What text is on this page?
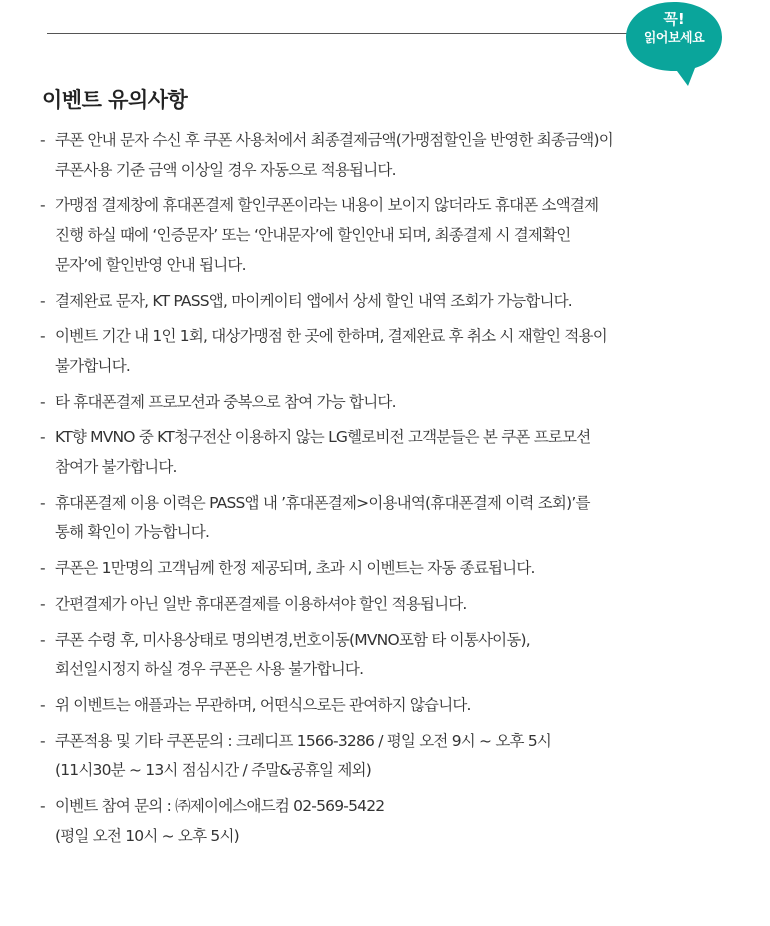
꼭!
읽어보세요
이벤트 유의사항
- 쿠폰 안내 문자 수신 후 쿠폰 사용처에서 최종결제금액(가맹점할인을 반영한 최종금액)이
쿠폰사용 기준 금액 이상일 경우 자동으로 적용됩니다.
- 가맹점 결제창에 휴대폰결제 할인쿠폰이라는 내용이 보이지 않더라도 휴대폰 소액결제
진행 하실 때에 ‘인증문자’ 또는 ‘안내문자’에 할인안내 되며, 최종결제 시 결제확인
문자’에 할인반영 안내 됩니다.
- 결제완료 문자, KT PASS앱, 마이케이티 앱에서 상세 할인 내역 조회가 가능합니다.
- 이벤트 기간 내 1인 1회, 대상가맹점 한 곳에 한하며, 결제완료 후 취소 시 재할인 적용이
불가합니다.
- 타 휴대폰결제 프로모션과 중복으로 참여 가능 합니다.
- KT향 MVNO 중 KT청구전산 이용하지 않는 LG헬로비전 고객분들은 본 쿠폰 프로모션
참여가 불가합니다.
- 휴대폰결제 이용 이력은 PASS앱 내 ’휴대폰결제>이용내역(휴대폰결제 이력 조회)’를
통해 확인이 가능합니다.
- 쿠폰은 1만명의 고객님께 한정 제공되며, 초과 시 이벤트는 자동 종료됩니다.
- 간편결제가 아닌 일반 휴대폰결제를 이용하셔야 할인 적용됩니다.
- 쿠폰 수령 후, 미사용상태로 명의변경,번호이동(MVNO포함 타 이통사이동),
회선일시정지 하실 경우 쿠폰은 사용 불가합니다.
- 위 이벤트는 애플과는 무관하며, 어떤식으로든 관여하지 않습니다.
- 쿠폰적용 및 기타 쿠폰문의 : 크레디프 1566-3286 / 평일 오전 9시 ~ 오후 5시
(11시30분 ~ 13시 점심시간 / 주말&공휴일 제외)
- 이벤트 참여 문의 : ㈜제이에스애드컴 02-569-5422
(평일 오전 10시 ~ 오후 5시)
